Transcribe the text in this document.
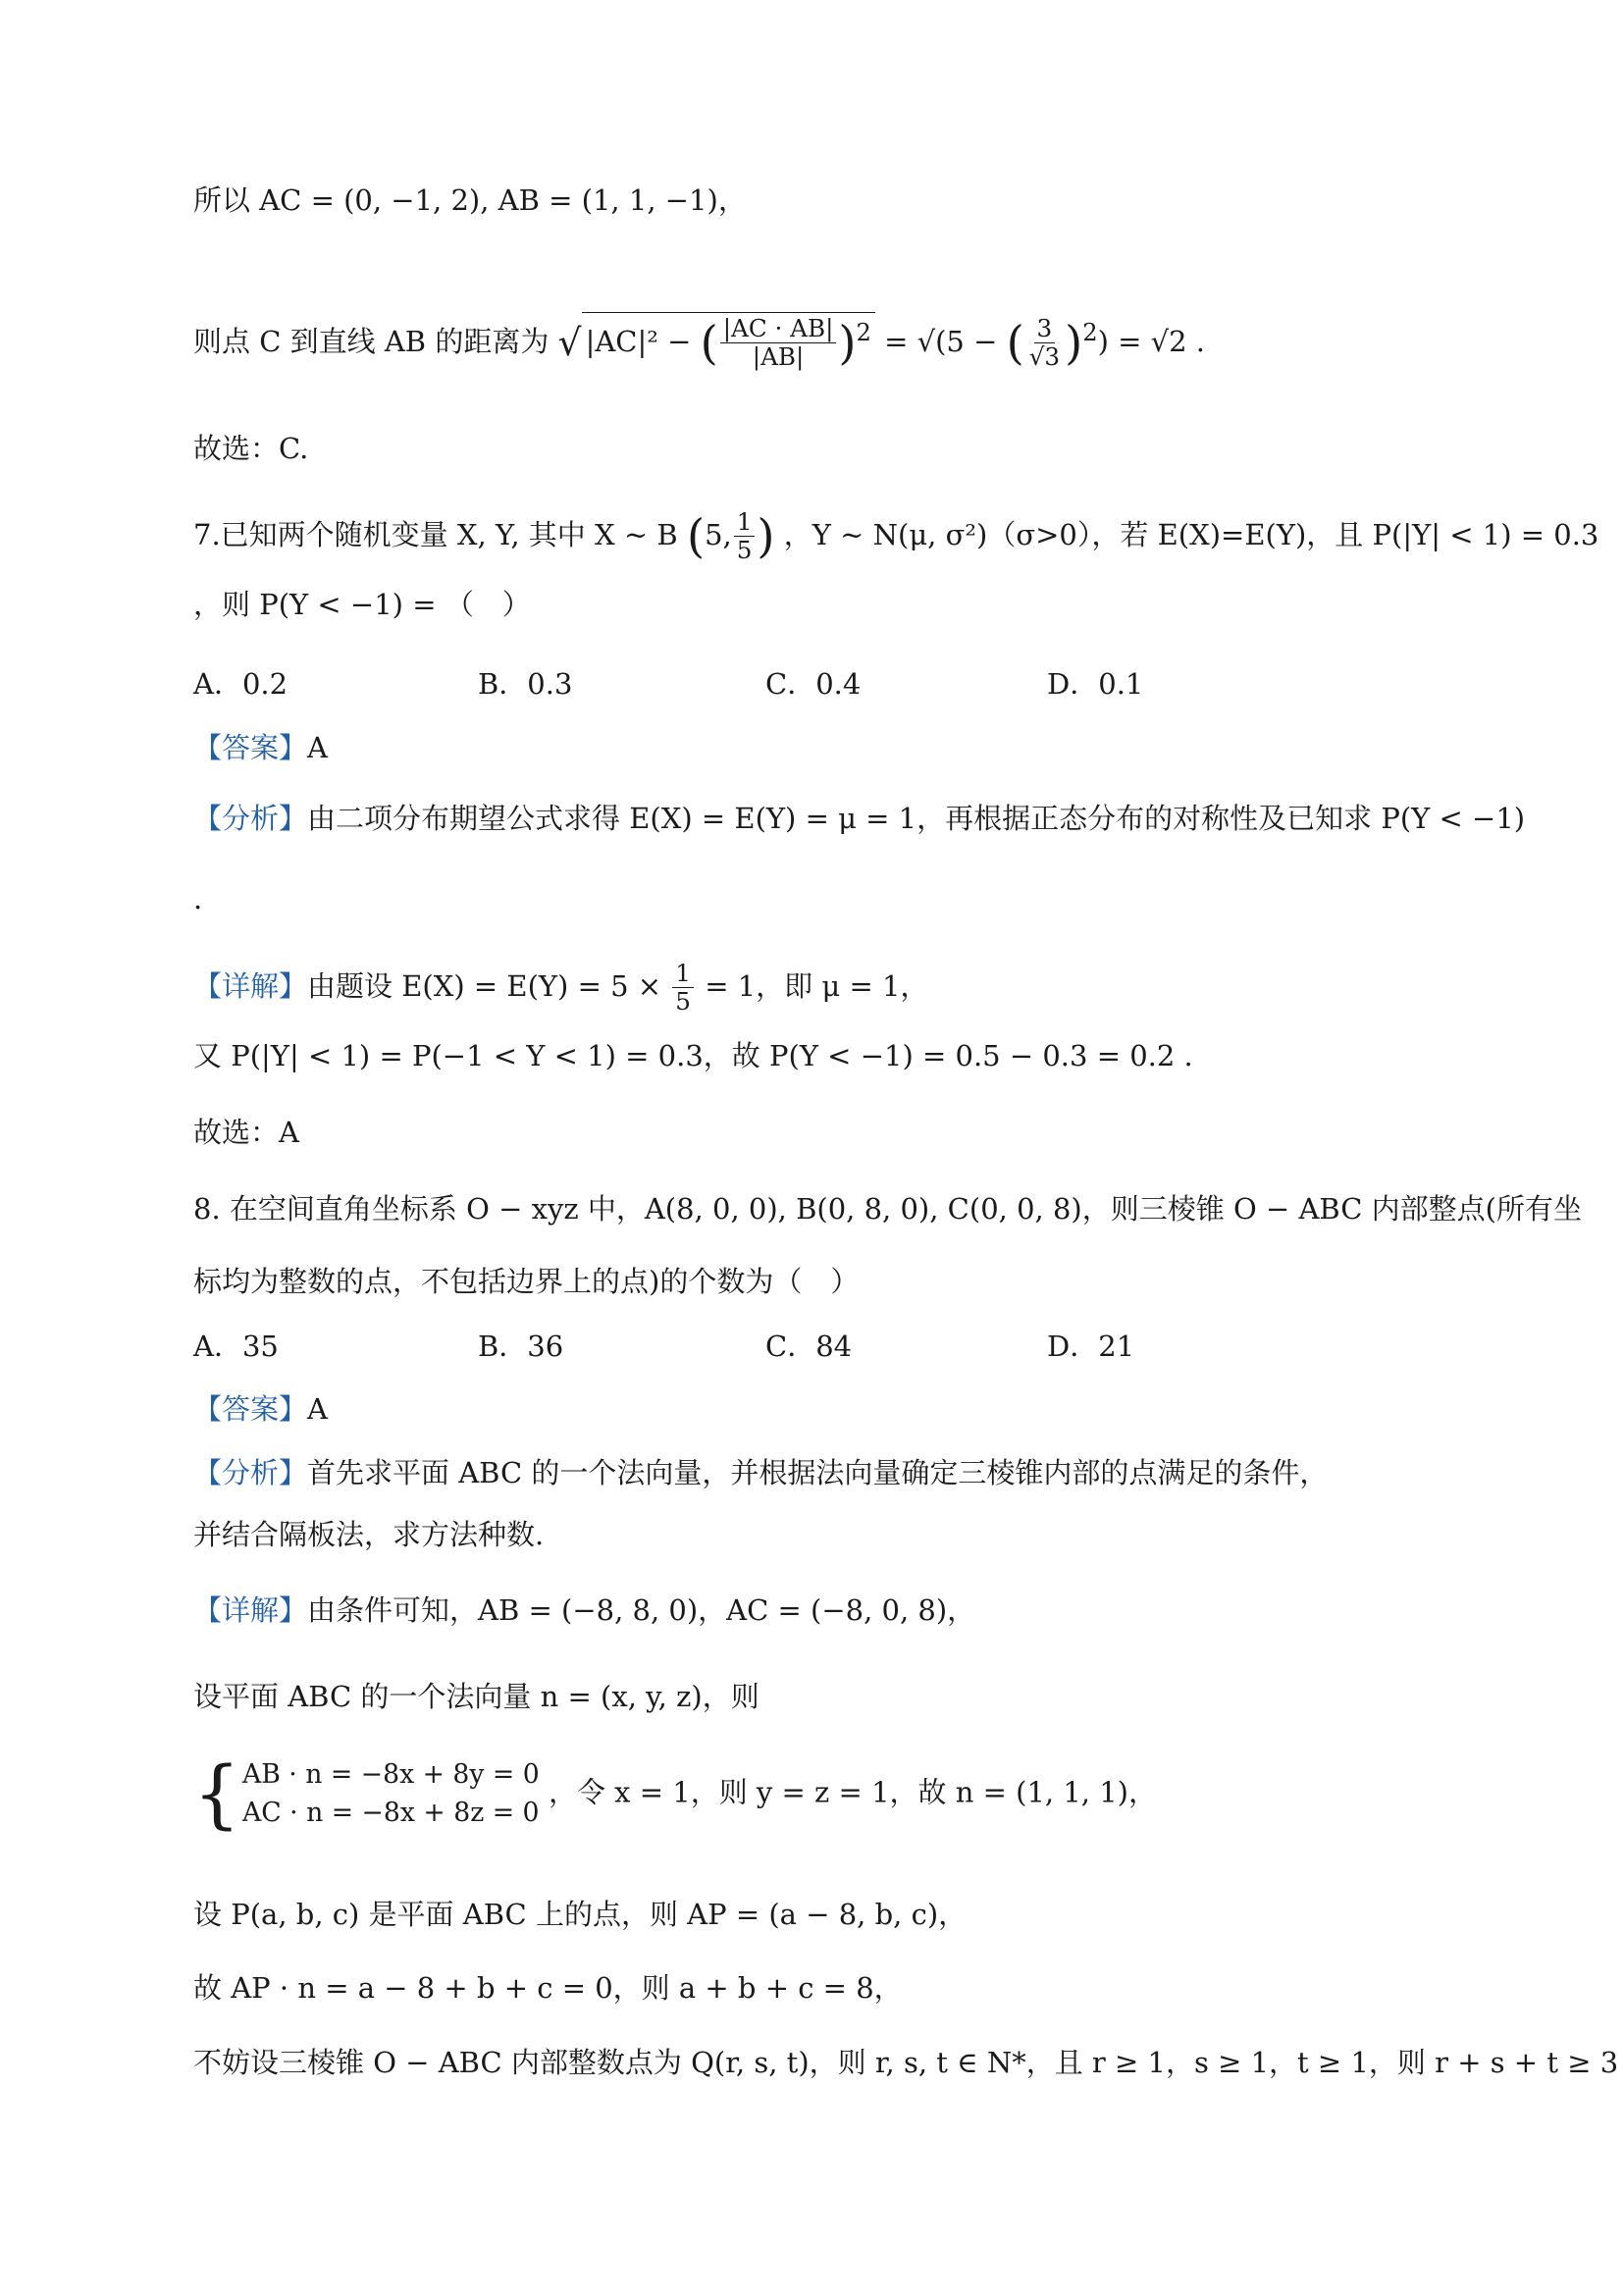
所以 AC = (0, −1, 2), AB = (1, 1, −1)，
则点 C 到直线 AB 的距离为 √ |AC|² − ( $\frac{|AC \cdot AB|}{|AB|} )^2 = √(5$ − ( $\frac{3}{√3} )^2) = √2$ .
故选：C.
7.已知两个随机变量 X, Y, 其中 X ~ B (5, $\frac{1}{5}$ ) ，Y ~ N(μ, σ²)（σ>0），若 E(X)=E(Y)，且 P(|Y| < 1) = 0.3
，则 P(Y < −1) = （　）
A．0.2	B．0.3	C．0.4	D．0.1
【答案】A
【分析】由二项分布期望公式求得 E(X) = E(Y) = μ = 1，再根据正态分布的对称性及已知求 P(Y < −1)
.
【详解】由题设 $E(X) = E(Y) = 5 \times \frac{1}{5} = 1$，即 μ = 1，
又 P(|Y| < 1) = P(−1 < Y < 1) = 0.3，故 P(Y < −1) = 0.5 − 0.3 = 0.2 .
故选：A
8. 在空间直角坐标系 O − xyz 中，A(8, 0, 0), B(0, 8, 0), C(0, 0, 8)，则三棱锥 O − ABC 内部整点(所有坐
标均为整数的点，不包括边界上的点)的个数为（　）
A．35	B．36	C．84	D．21
【答案】A
【分析】首先求平面 ABC 的一个法向量，并根据法向量确定三棱锥内部的点满足的条件，
并结合隔板法，求方法种数.
【详解】由条件可知，AB = (−8, 8, 0)，AC = (−8, 0, 8)，
设平面 ABC 的一个法向量 n = (x, y, z)，则
{ AB · n = −8x + 8y = 0
AC · n = −8x + 8z = 0
，令 x = 1，则 y = z = 1，故 n = (1, 1, 1)，
设 P(a, b, c) 是平面 ABC 上的点，则 AP = (a − 8, b, c)，
故 AP · n = a − 8 + b + c = 0，则 a + b + c = 8，
不妨设三棱锥 O − ABC 内部整数点为 Q(r, s, t)，则 r, s, t ∈ N*，且 r ≥ 1，s ≥ 1，t ≥ 1，则 r + s + t ≥ 3
